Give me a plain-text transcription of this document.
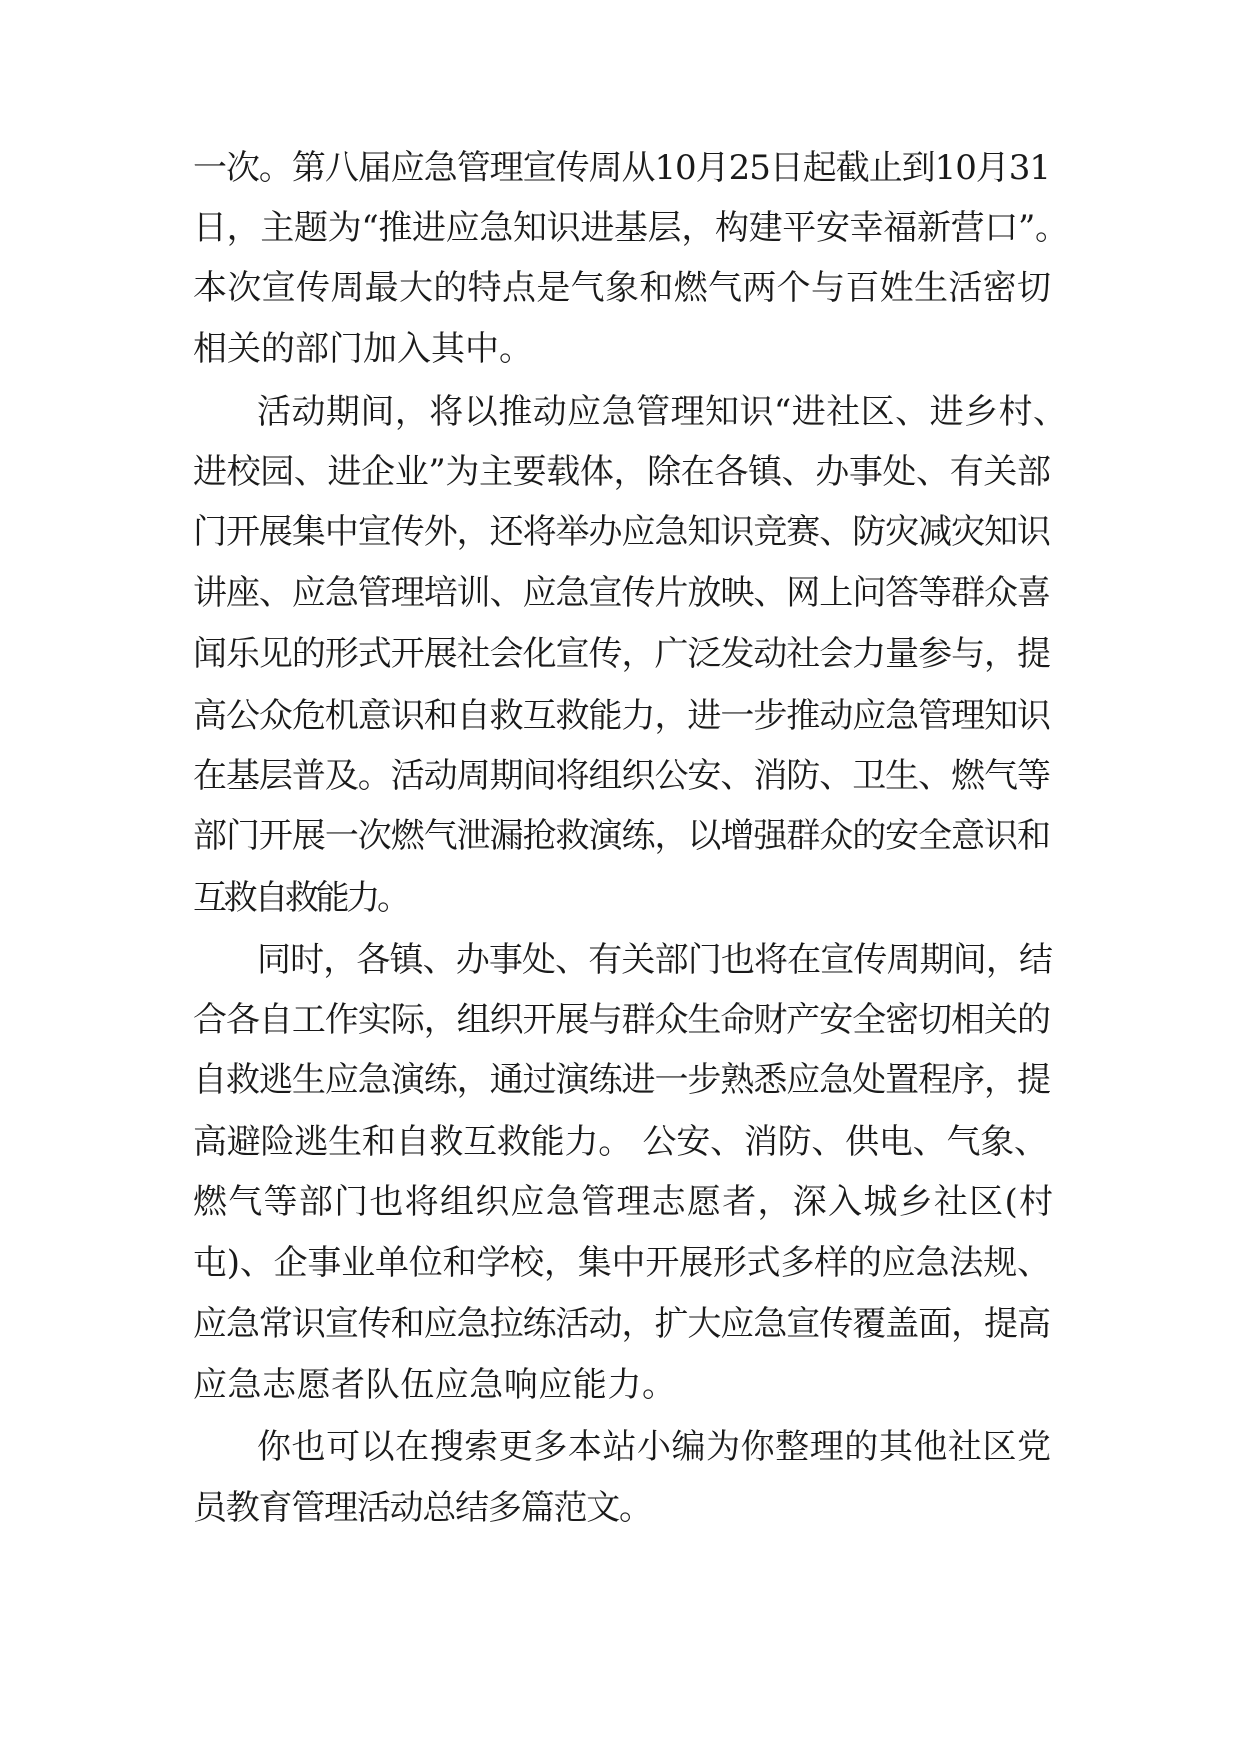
一次。第八届应急管理宣传周从10月25日起截止到10月31
日，主题为“推进应急知识进基层，构建平安幸福新营口”。
本次宣传周最大的特点是气象和燃气两个与百姓生活密切
相关的部门加入其中。
活动期间，将以推动应急管理知识“进社区、进乡村、
进校园、进企业”为主要载体，除在各镇、办事处、有关部
门开展集中宣传外，还将举办应急知识竞赛、防灾减灾知识
讲座、应急管理培训、应急宣传片放映、网上问答等群众喜
闻乐见的形式开展社会化宣传，广泛发动社会力量参与，提
高公众危机意识和自救互救能力，进一步推动应急管理知识
在基层普及。活动周期间将组织公安、消防、卫生、燃气等
部门开展一次燃气泄漏抢救演练，以增强群众的安全意识和
互救自救能力。
同时，各镇、办事处、有关部门也将在宣传周期间，结
合各自工作实际，组织开展与群众生命财产安全密切相关的
自救逃生应急演练，通过演练进一步熟悉应急处置程序，提
高避险逃生和自救互救能力。 公安、消防、供电、气象、
燃气等部门也将组织应急管理志愿者，深入城乡社区(村
屯)、企事业单位和学校，集中开展形式多样的应急法规、
应急常识宣传和应急拉练活动，扩大应急宣传覆盖面，提高
应急志愿者队伍应急响应能力。
你也可以在搜索更多本站小编为你整理的其他社区党
员教育管理活动总结多篇范文。
